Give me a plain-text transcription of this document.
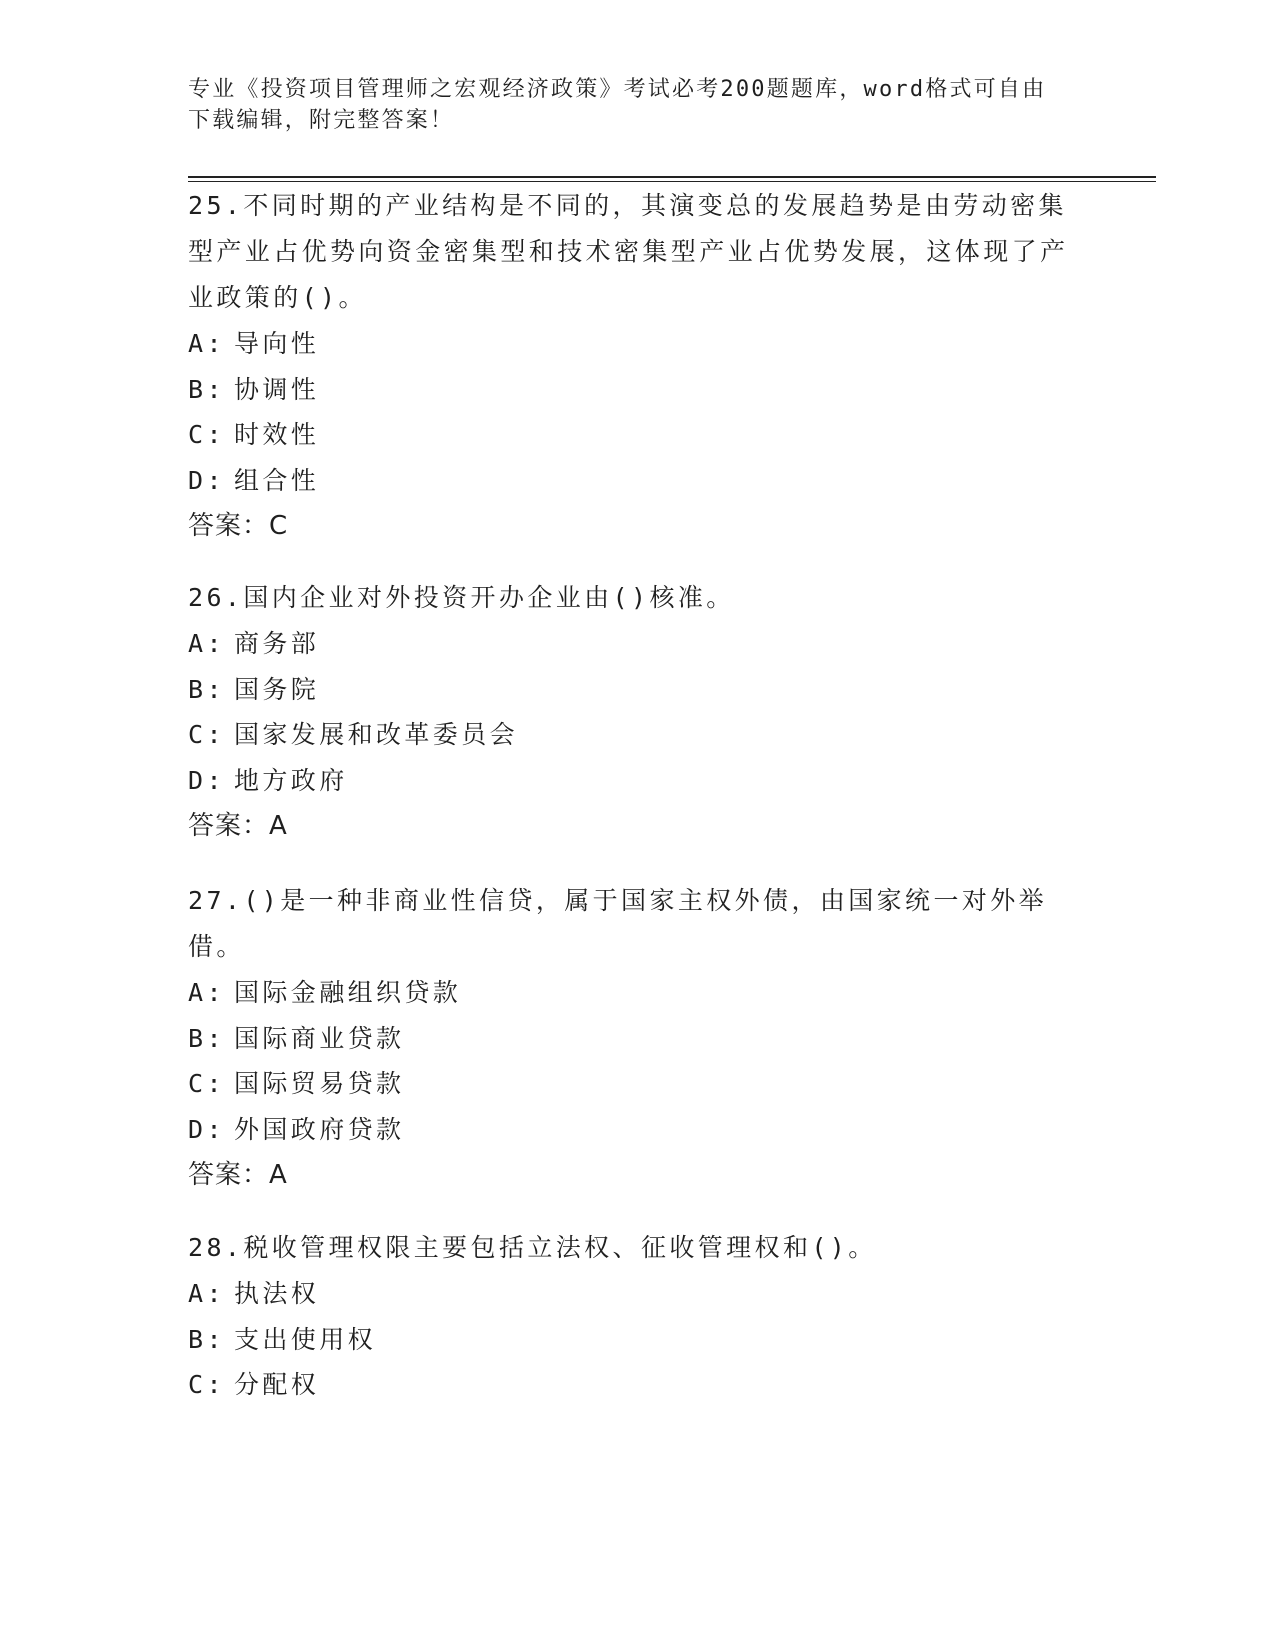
专业《投资项目管理师之宏观经济政策》考试必考200题题库，word格式可自由
下载编辑，附完整答案！

25.不同时期的产业结构是不同的，其演变总的发展趋势是由劳动密集型产业占优势向资金密集型和技术密集型产业占优势发展，这体现了产业政策的()。

A: 导向性

B: 协调性

C: 时效性

D: 组合性

答案：C

26.国内企业对外投资开办企业由()核准。

A: 商务部

B: 国务院

C: 国家发展和改革委员会

D: 地方政府

答案：A

27.()是一种非商业性信贷，属于国家主权外债，由国家统一对外举借。

A: 国际金融组织贷款

B: 国际商业贷款

C: 国际贸易贷款

D: 外国政府贷款

答案：A

28.税收管理权限主要包括立法权、征收管理权和()。

A: 执法权

B: 支出使用权

C: 分配权
